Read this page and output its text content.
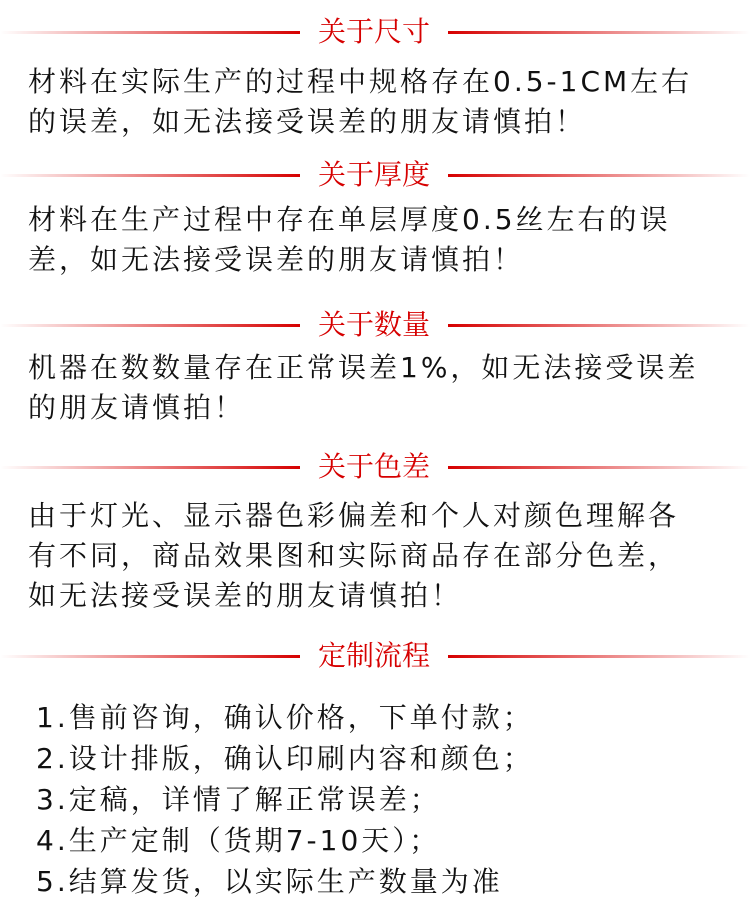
关于尺寸
材料在实际生产的过程中规格存在0.5-1CM左右
的误差，如无法接受误差的朋友请慎拍！
关于厚度
材料在生产过程中存在单层厚度0.5丝左右的误
差，如无法接受误差的朋友请慎拍！
关于数量
机器在数数量存在正常误差1%，如无法接受误差
的朋友请慎拍！
关于色差
由于灯光、显示器色彩偏差和个人对颜色理解各
有不同，商品效果图和实际商品存在部分色差，
如无法接受误差的朋友请慎拍！
定制流程
1.售前咨询，确认价格，下单付款；
2.设计排版，确认印刷内容和颜色；
3.定稿，详情了解正常误差；
4.生产定制（货期7-10天）；
5.结算发货，以实际生产数量为准
